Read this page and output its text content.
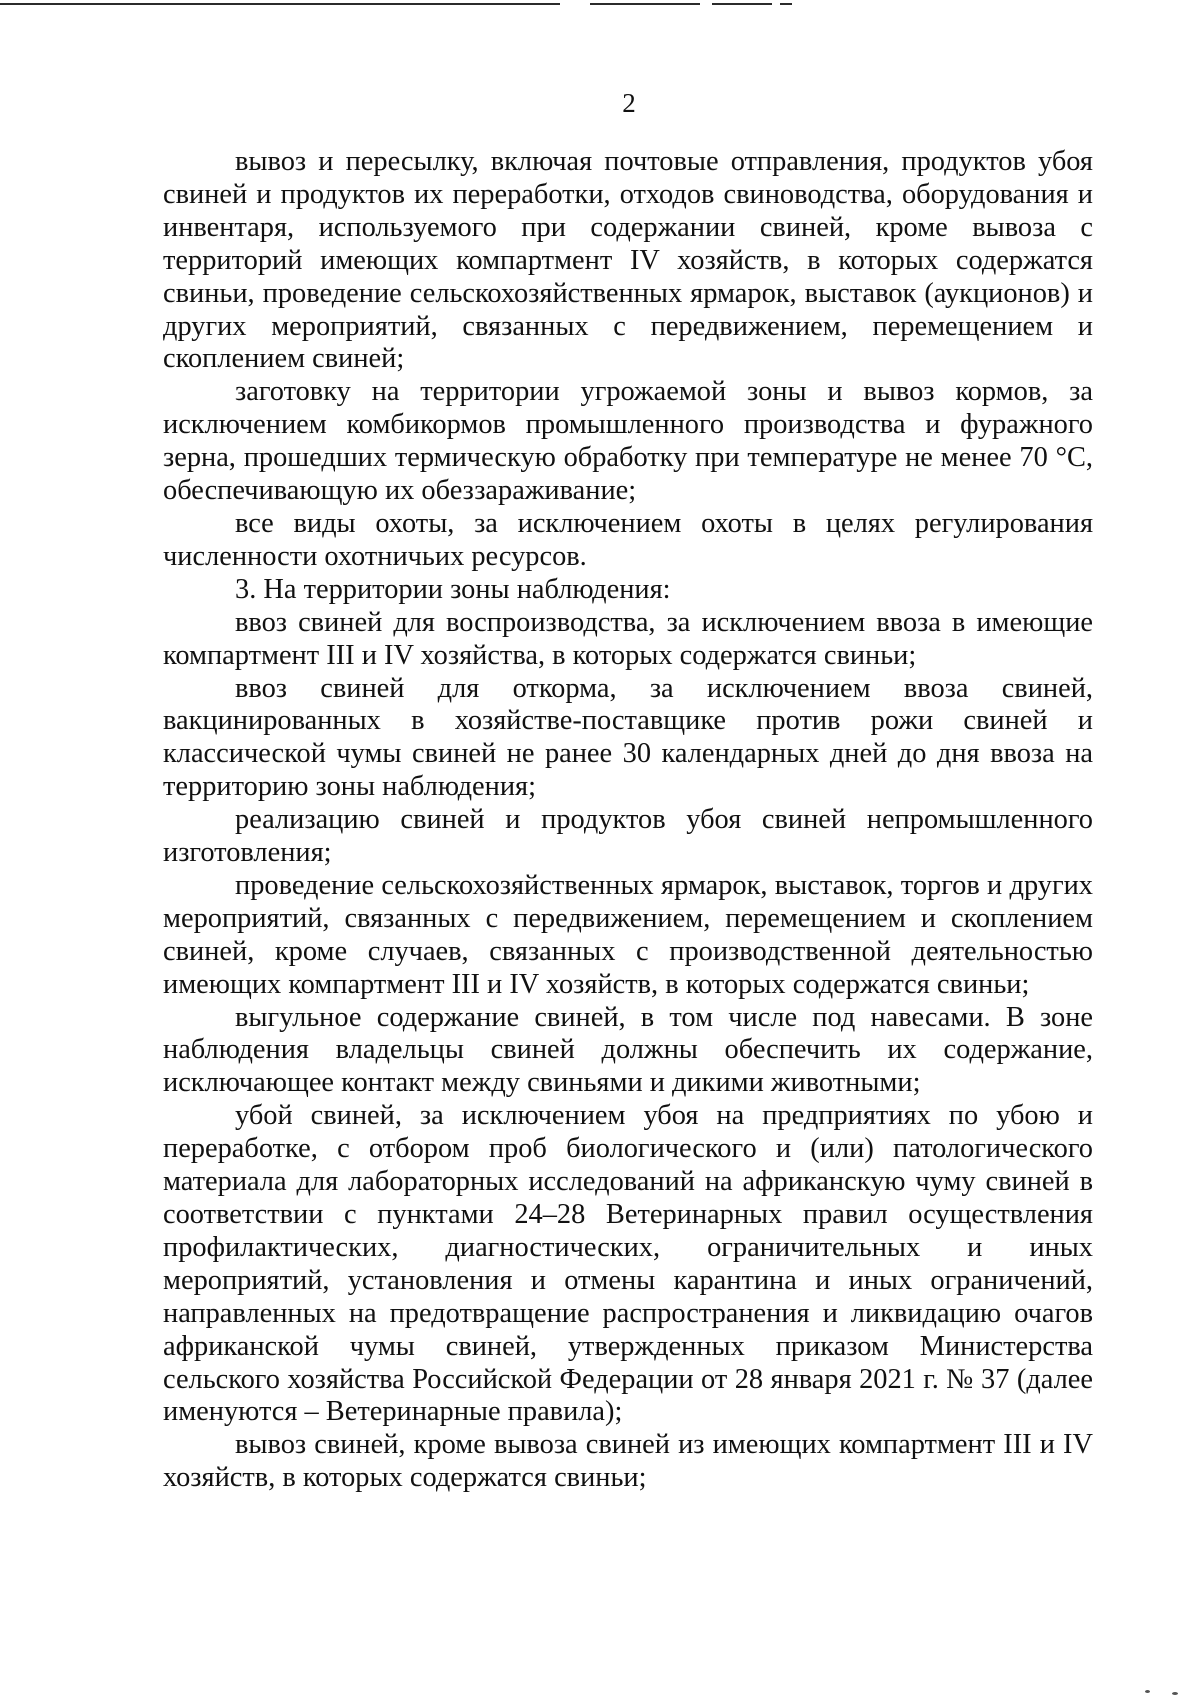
2

вывоз и пересылку, включая почтовые отправления, продуктов убоя свиней и продуктов их переработки, отходов свиноводства, оборудования и инвентаря, используемого при содержании свиней, кроме вывоза с территорий имеющих компартмент IV хозяйств, в которых содержатся свиньи, проведение сельскохозяйственных ярмарок, выставок (аукционов) и других мероприятий, связанных с передвижением, перемещением и скоплением свиней;

заготовку на территории угрожаемой зоны и вывоз кормов, за исключением комбикормов промышленного производства и фуражного зерна, прошедших термическую обработку при температуре не менее 70 °С, обеспечивающую их обеззараживание;

все виды охоты, за исключением охоты в целях регулирования численности охотничьих ресурсов.

3. На территории зоны наблюдения:

ввоз свиней для воспроизводства, за исключением ввоза в имеющие компартмент III и IV хозяйства, в которых содержатся свиньи;

ввоз свиней для откорма, за исключением ввоза свиней, вакцинированных в хозяйстве-поставщике против рожи свиней и классической чумы свиней не ранее 30 календарных дней до дня ввоза на территорию зоны наблюдения;

реализацию свиней и продуктов убоя свиней непромышленного изготовления;

проведение сельскохозяйственных ярмарок, выставок, торгов и других мероприятий, связанных с передвижением, перемещением и скоплением свиней, кроме случаев, связанных с производственной деятельностью имеющих компартмент III и IV хозяйств, в которых содержатся свиньи;

выгульное содержание свиней, в том числе под навесами. В зоне наблюдения владельцы свиней должны обеспечить их содержание, исключающее контакт между свиньями и дикими животными;

убой свиней, за исключением убоя на предприятиях по убою и переработке, с отбором проб биологического и (или) патологического материала для лабораторных исследований на африканскую чуму свиней в соответствии с пунктами 24–28 Ветеринарных правил осуществления профилактических, диагностических, ограничительных и иных мероприятий, установления и отмены карантина и иных ограничений, направленных на предотвращение распространения и ликвидацию очагов африканской чумы свиней, утвержденных приказом Министерства сельского хозяйства Российской Федерации от 28 января 2021 г. № 37 (далее именуются – Ветеринарные правила);

вывоз свиней, кроме вывоза свиней из имеющих компартмент III и IV хозяйств, в которых содержатся свиньи;
